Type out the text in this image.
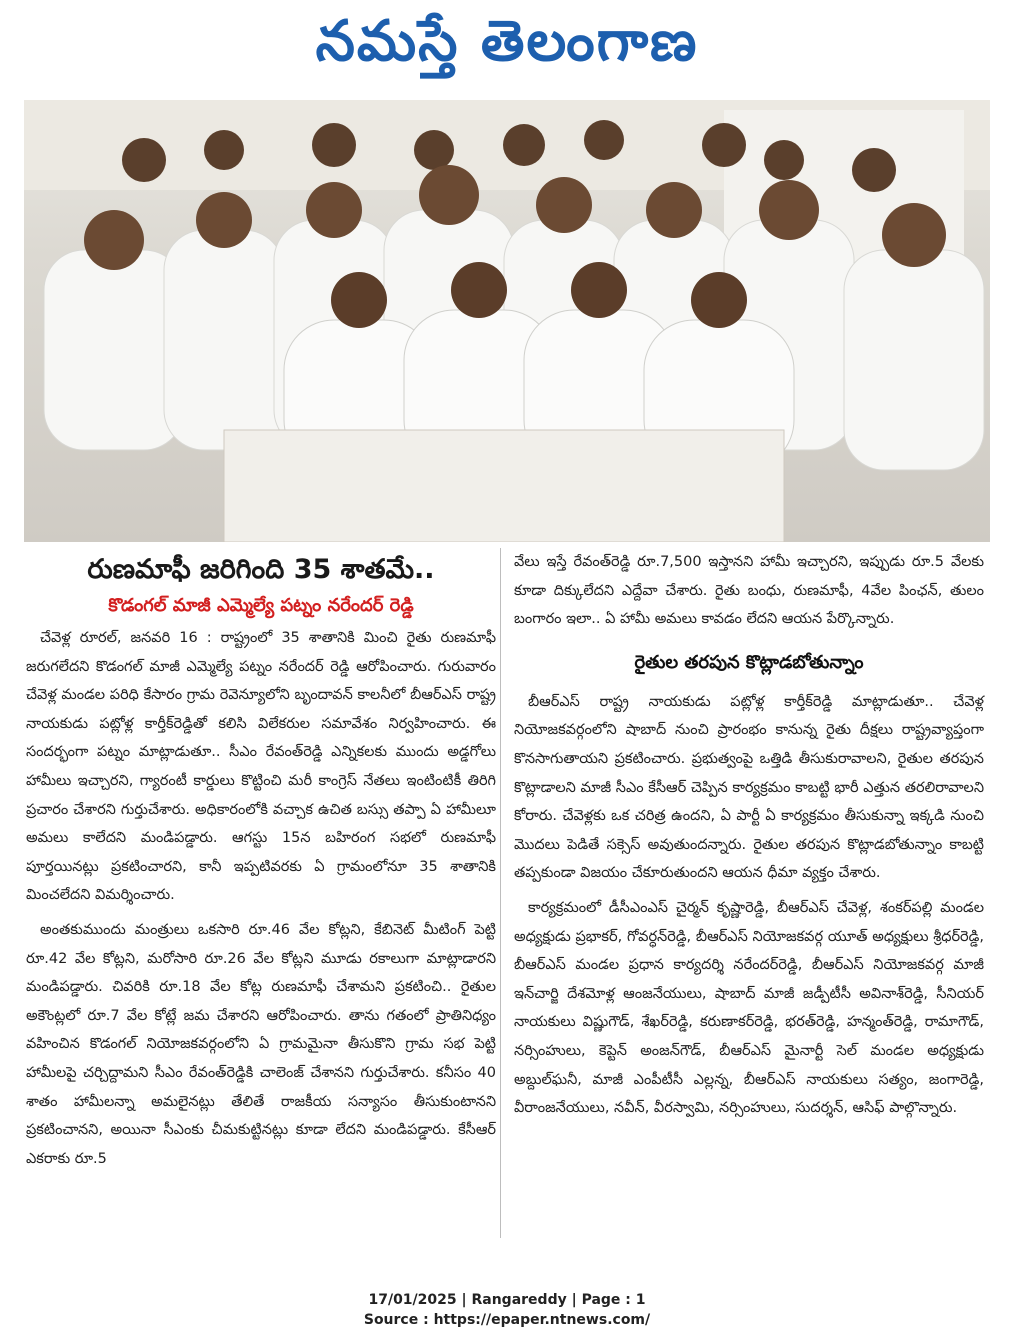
నమస్తే తెలంగాణ
రుణమాఫీ జరిగింది 35 శాతమే..
కొడంగల్ మాజీ ఎమ్మెల్యే పట్నం నరేందర్ రెడ్డి

చేవెళ్ల రూరల్, జనవరి 16 : రాష్ట్రంలో 35 శాతానికి మించి రైతు రుణమాఫీ జరుగలేదని కొడంగల్ మాజీ ఎమ్మెల్యే పట్నం నరేందర్ రెడ్డి ఆరోపించారు. గురువారం చేవెళ్ల మండల పరిధి కేసారం గ్రామ రెవెన్యూలోని బృందావన్ కాలనీలో బీఆర్ఎస్ రాష్ట్ర నాయకుడు పట్లోళ్ల కార్తీక్‌రెడ్డితో కలిసి విలేకరుల సమావేశం నిర్వహించారు. ఈ సందర్భంగా పట్నం మాట్లాడుతూ.. సీఎం రేవంత్‌రెడ్డి ఎన్నికలకు ముందు అడ్డగోలు హామీలు ఇచ్చారని, గ్యారంటీ కార్డులు కొట్టించి మరీ కాంగ్రెస్ నేతలు ఇంటింటికీ తిరిగి ప్రచారం చేశారని గుర్తుచేశారు. అధికారంలోకి వచ్చాక ఉచిత బస్సు తప్పా ఏ హామీలూ అమలు కాలేదని మండిపడ్డారు. ఆగస్టు 15న బహిరంగ సభలో రుణమాఫీ పూర్తయినట్లు ప్రకటించారని, కానీ ఇప్పటివరకు ఏ గ్రామంలోనూ 35 శాతానికి మించలేదని విమర్శించారు.

అంతకుముందు మంత్రులు ఒకసారి రూ.46 వేల కోట్లని, కేబినెట్ మీటింగ్ పెట్టి రూ.42 వేల కోట్లని, మరోసారి రూ.26 వేల కోట్లని మూడు రకాలుగా మాట్లాడారని మండిపడ్డారు. చివరికి రూ.18 వేల కోట్ల రుణమాఫీ చేశామని ప్రకటించి.. రైతుల అకౌంట్లలో రూ.7 వేల కోట్లే జమ చేశారని ఆరోపించారు. తాను గతంలో ప్రాతినిధ్యం వహించిన కొడంగల్ నియోజకవర్గంలోని ఏ గ్రామమైనా తీసుకొని గ్రామ సభ పెట్టి హామీలపై చర్చిద్దామని సీఎం రేవంత్‌రెడ్డికి చాలెంజ్ చేశానని గుర్తుచేశారు. కనీసం 40 శాతం హామీలన్నా అమలైనట్లు తేలితే రాజకీయ సన్యాసం తీసుకుంటానని ప్రకటించానని, అయినా సీఎంకు చీమకుట్టినట్లు కూడా లేదని మండిపడ్డారు. కేసీఆర్ ఎకరాకు రూ.5

వేలు ఇస్తే రేవంత్‌రెడ్డి రూ.7,500 ఇస్తానని హామీ ఇచ్చారని, ఇప్పుడు రూ.5 వేలకు కూడా దిక్కులేదని ఎద్దేవా చేశారు. రైతు బంధు, రుణమాఫీ, 4వేల పింఛన్, తులం బంగారం ఇలా.. ఏ హామీ అమలు కావడం లేదని ఆయన పేర్కొన్నారు.

రైతుల తరపున కొట్లాడబోతున్నాం

బీఆర్ఎస్ రాష్ట్ర నాయకుడు పట్లోళ్ల కార్తీక్‌రెడ్డి మాట్లాడుతూ.. చేవెళ్ల నియోజకవర్గంలోని షాబాద్ నుంచి ప్రారంభం కానున్న రైతు దీక్షలు రాష్ట్రవ్యాప్తంగా కొనసాగుతాయని ప్రకటించారు. ప్రభుత్వంపై ఒత్తిడి తీసుకురావాలని, రైతుల తరపున కొట్లాడాలని మాజీ సీఎం కేసీఆర్ చెప్పిన కార్యక్రమం కాబట్టి భారీ ఎత్తున తరలిరావాలని కోరారు. చేవెళ్లకు ఒక చరిత్ర ఉందని, ఏ పార్టీ ఏ కార్యక్రమం తీసుకున్నా ఇక్కడి నుంచి మొదలు పెడితే సక్సెస్ అవుతుందన్నారు. రైతుల తరపున కొట్లాడబోతున్నాం కాబట్టి తప్పకుండా విజయం చేకూరుతుందని ఆయన ధీమా వ్యక్తం చేశారు.

కార్యక్రమంలో డీసీఎంఎస్ చైర్మన్ కృష్ణారెడ్డి, బీఆర్ఎస్ చేవెళ్ల, శంకర్‌పల్లి మండల అధ్యక్షుడు ప్రభాకర్, గోవర్ధన్‌రెడ్డి, బీఆర్ఎస్ నియోజకవర్గ యూత్ అధ్యక్షులు శ్రీధర్‌రెడ్డి, బీఆర్ఎస్ మండల ప్రధాన కార్యదర్శి నరేందర్‌రెడ్డి, బీఆర్ఎస్ నియోజకవర్గ మాజీ ఇన్‌చార్జి దేశమోళ్ల ఆంజనేయులు, షాబాద్ మాజీ జడ్పీటీసీ అవినాశ్‌రెడ్డి, సీనియర్ నాయకులు విష్ణుగౌడ్, శేఖర్‌రెడ్డి, కరుణాకర్‌రెడ్డి, భరత్‌రెడ్డి, హన్మంత్‌రెడ్డి, రామాగౌడ్, నర్సింహులు, కెప్టెన్ అంజన్‌గౌడ్, బీఆర్ఎస్ మైనార్టీ సెల్ మండల అధ్యక్షుడు అబ్దుల్‌ఘనీ, మాజీ ఎంపీటీసీ ఎల్లన్న, బీఆర్ఎస్ నాయకులు సత్యం, జంగారెడ్డి, వీరాంజనేయులు, నవీన్, వీరస్వామి, నర్సింహులు, సుదర్శన్, ఆసిఫ్ పాల్గొన్నారు.

17/01/2025 | Rangareddy | Page : 1
Source : https://epaper.ntnews.com/
